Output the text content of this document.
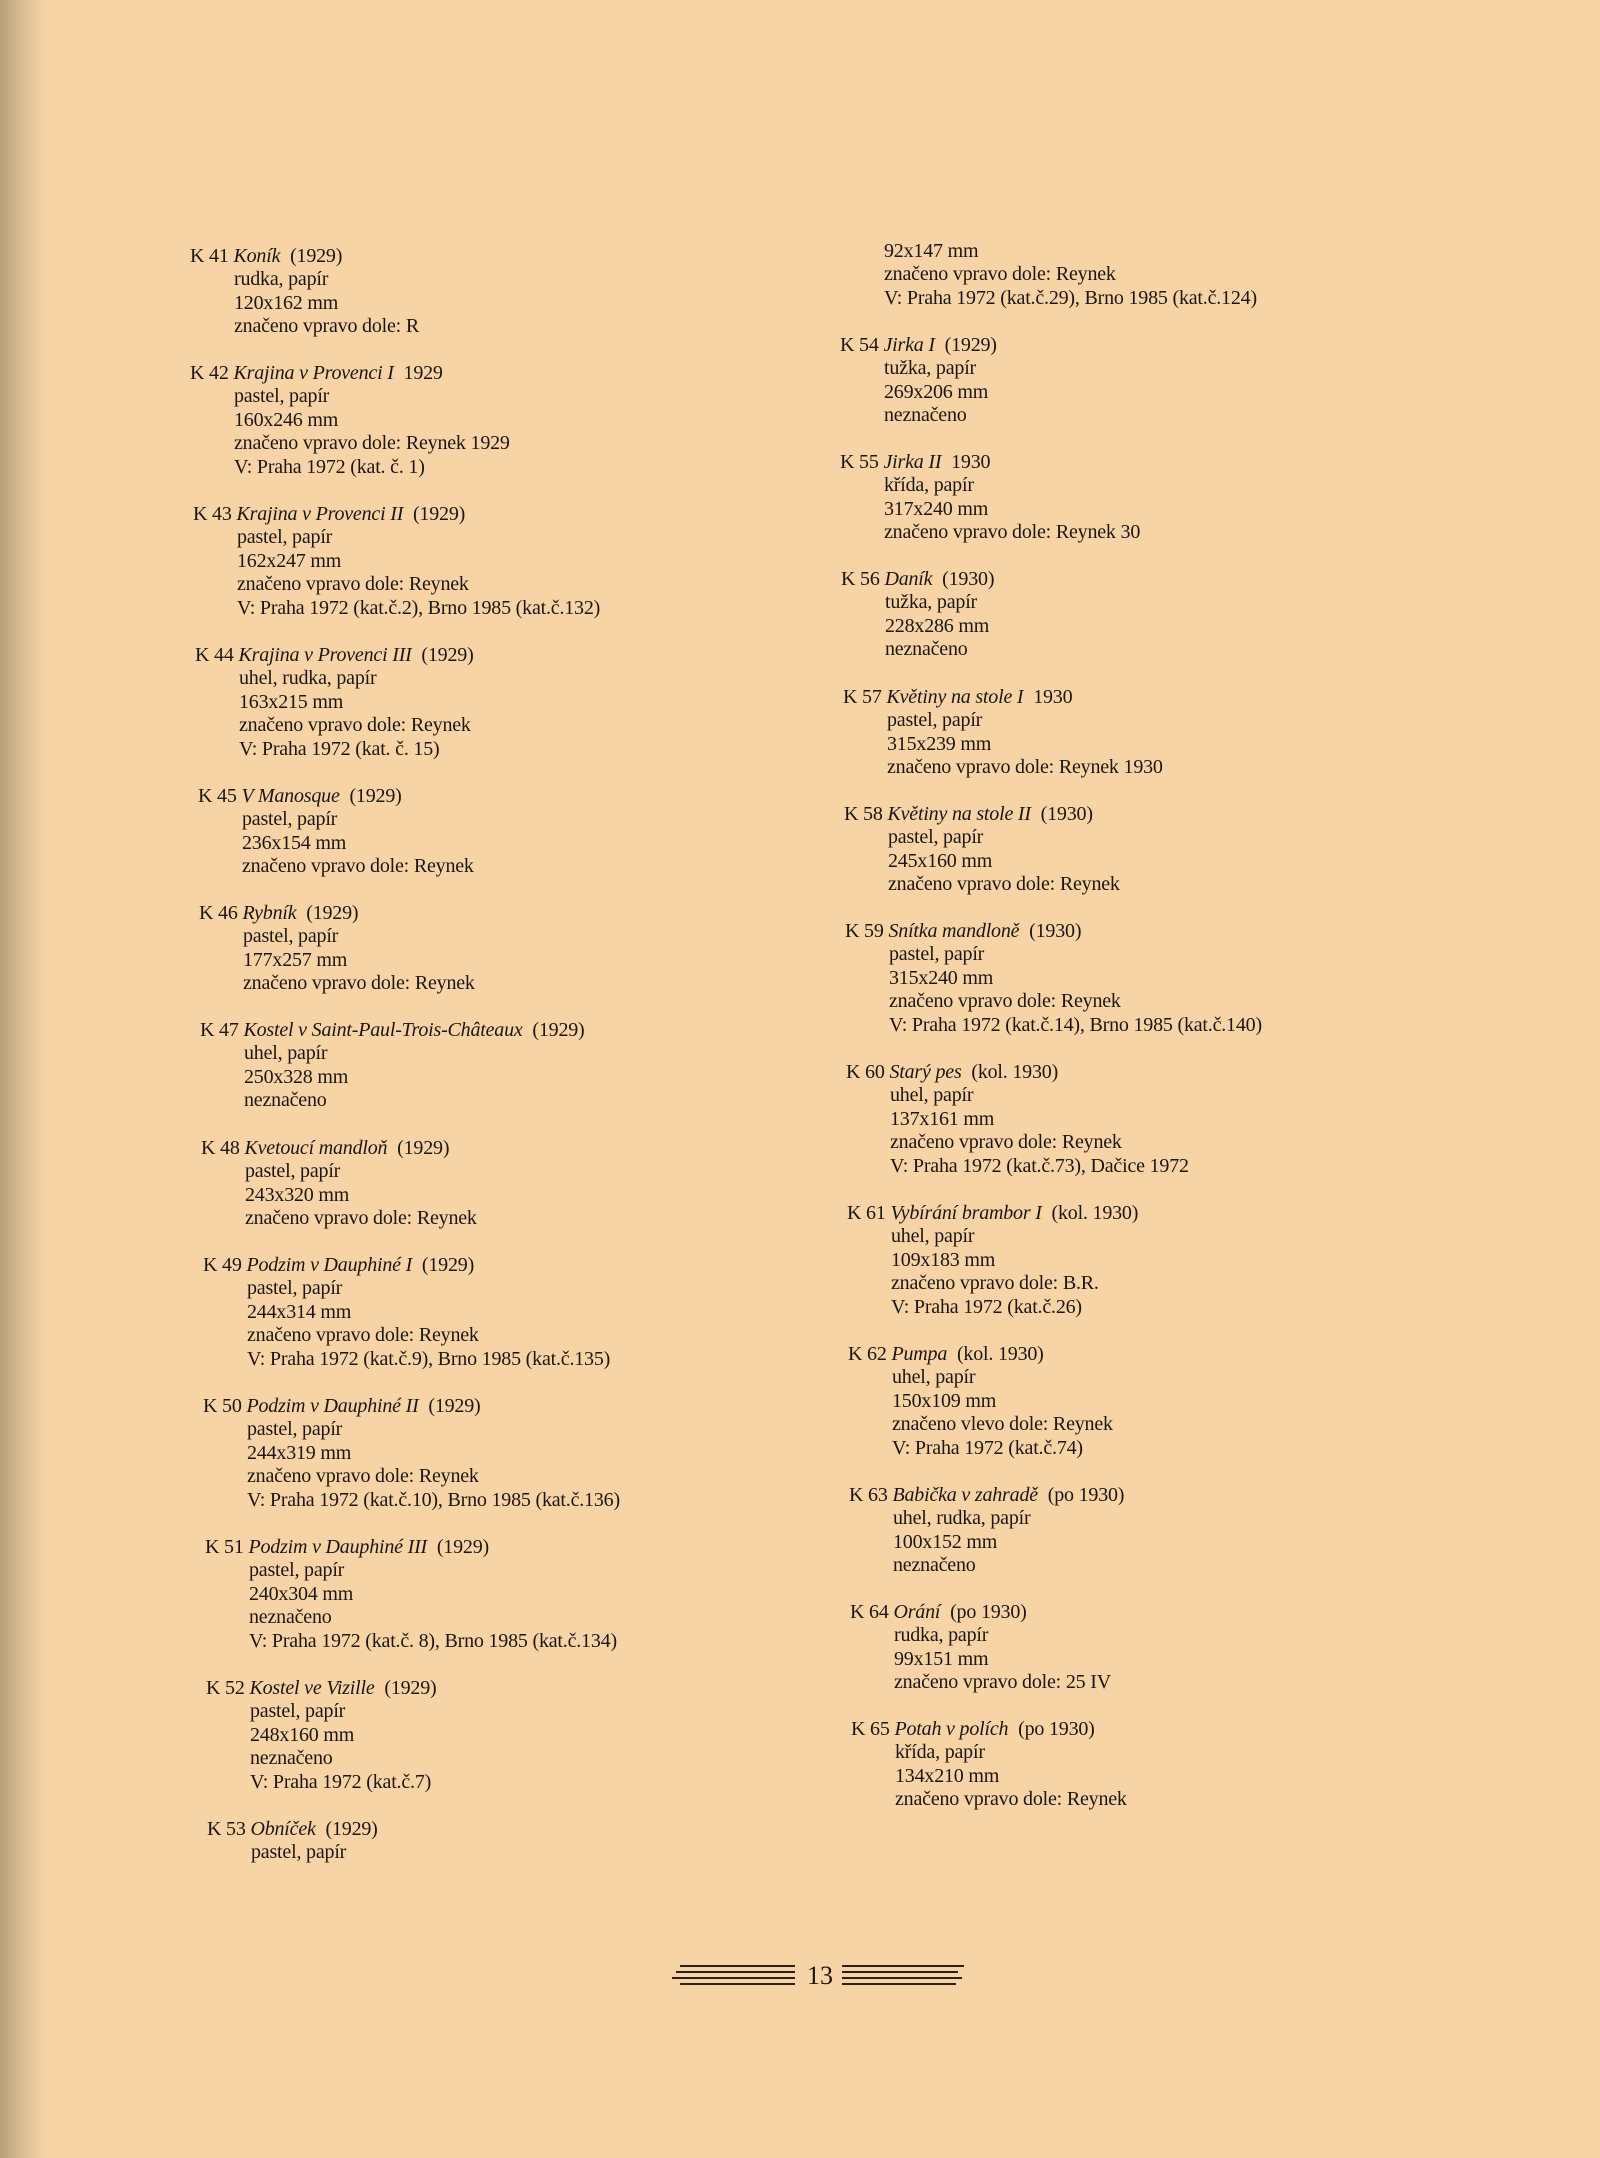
K 41 Koník  (1929)
rudka, papír
120x162 mm
značeno vpravo dole: R
K 42 Krajina v Provenci I  1929
pastel, papír
160x246 mm
značeno vpravo dole: Reynek 1929
V: Praha 1972 (kat. č. 1)
K 43 Krajina v Provenci II  (1929)
pastel, papír
162x247 mm
značeno vpravo dole: Reynek
V: Praha 1972 (kat.č.2), Brno 1985 (kat.č.132)
K 44 Krajina v Provenci III  (1929)
uhel, rudka, papír
163x215 mm
značeno vpravo dole: Reynek
V: Praha 1972 (kat. č. 15)
K 45 V Manosque  (1929)
pastel, papír
236x154 mm
značeno vpravo dole: Reynek
K 46 Rybník  (1929)
pastel, papír
177x257 mm
značeno vpravo dole: Reynek
K 47 Kostel v Saint-Paul-Trois-Châteaux  (1929)
uhel, papír
250x328 mm
neznačeno
K 48 Kvetoucí mandloň  (1929)
pastel, papír
243x320 mm
značeno vpravo dole: Reynek
K 49 Podzim v Dauphiné I  (1929)
pastel, papír
244x314 mm
značeno vpravo dole: Reynek
V: Praha 1972 (kat.č.9), Brno 1985 (kat.č.135)
K 50 Podzim v Dauphiné II  (1929)
pastel, papír
244x319 mm
značeno vpravo dole: Reynek
V: Praha 1972 (kat.č.10), Brno 1985 (kat.č.136)
K 51 Podzim v Dauphiné III  (1929)
pastel, papír
240x304 mm
neznačeno
V: Praha 1972 (kat.č. 8), Brno 1985 (kat.č.134)
K 52 Kostel ve Vizille  (1929)
pastel, papír
248x160 mm
neznačeno
V: Praha 1972 (kat.č.7)
K 53 Obníček  (1929)
pastel, papír
92x147 mm
značeno vpravo dole: Reynek
V: Praha 1972 (kat.č.29), Brno 1985 (kat.č.124)
K 54 Jirka I  (1929)
tužka, papír
269x206 mm
neznačeno
K 55 Jirka II  1930
křída, papír
317x240 mm
značeno vpravo dole: Reynek 30
K 56 Daník  (1930)
tužka, papír
228x286 mm
neznačeno
K 57 Květiny na stole I  1930
pastel, papír
315x239 mm
značeno vpravo dole: Reynek 1930
K 58 Květiny na stole II  (1930)
pastel, papír
245x160 mm
značeno vpravo dole: Reynek
K 59 Snítka mandloně  (1930)
pastel, papír
315x240 mm
značeno vpravo dole: Reynek
V: Praha 1972 (kat.č.14), Brno 1985 (kat.č.140)
K 60 Starý pes  (kol. 1930)
uhel, papír
137x161 mm
značeno vpravo dole: Reynek
V: Praha 1972 (kat.č.73), Dačice 1972
K 61 Vybírání brambor I  (kol. 1930)
uhel, papír
109x183 mm
značeno vpravo dole: B.R.
V: Praha 1972 (kat.č.26)
K 62 Pumpa  (kol. 1930)
uhel, papír
150x109 mm
značeno vlevo dole: Reynek
V: Praha 1972 (kat.č.74)
K 63 Babička v zahradě  (po 1930)
uhel, rudka, papír
100x152 mm
neznačeno
K 64 Orání  (po 1930)
rudka, papír
99x151 mm
značeno vpravo dole: 25 IV
K 65 Potah v polích  (po 1930)
křída, papír
134x210 mm
značeno vpravo dole: Reynek
13
